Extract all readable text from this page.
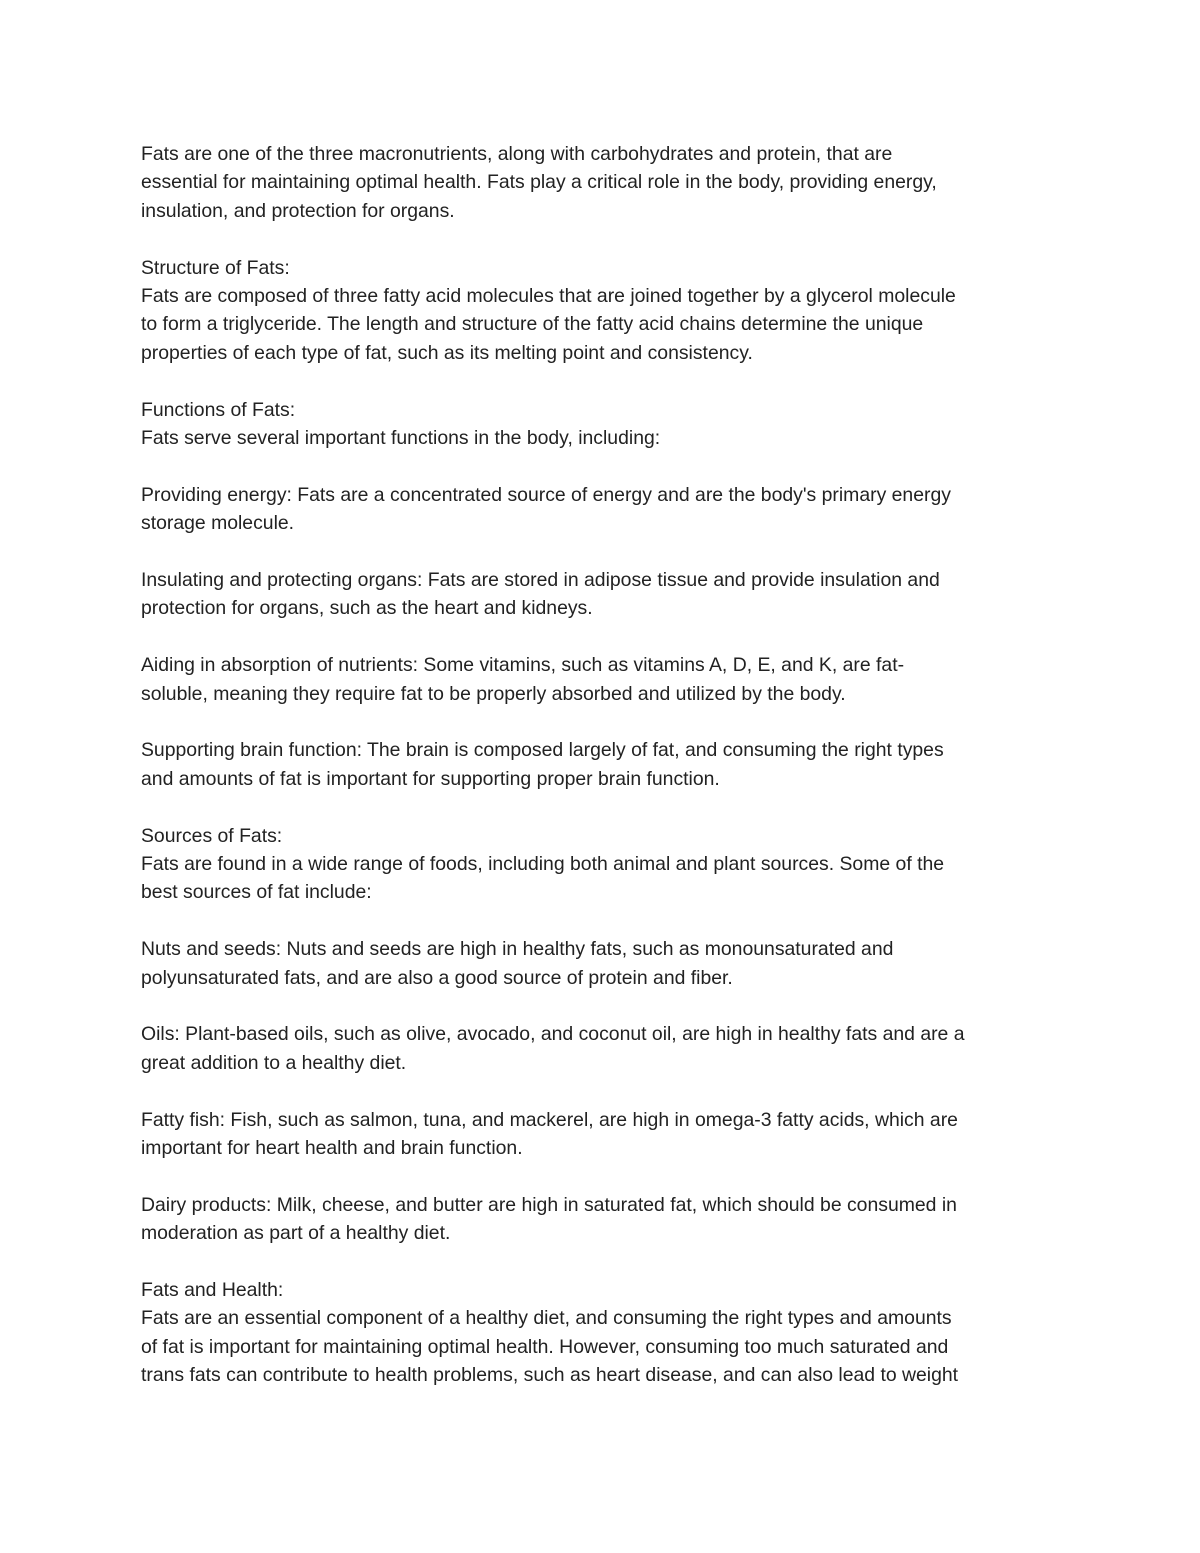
Fats are one of the three macronutrients, along with carbohydrates and protein, that are
essential for maintaining optimal health. Fats play a critical role in the body, providing energy,
insulation, and protection for organs.

Structure of Fats:

Fats are composed of three fatty acid molecules that are joined together by a glycerol molecule
to form a triglyceride. The length and structure of the fatty acid chains determine the unique
properties of each type of fat, such as its melting point and consistency.

Functions of Fats:

Fats serve several important functions in the body, including:

Providing energy: Fats are a concentrated source of energy and are the body's primary energy
storage molecule.

Insulating and protecting organs: Fats are stored in adipose tissue and provide insulation and
protection for organs, such as the heart and kidneys.

Aiding in absorption of nutrients: Some vitamins, such as vitamins A, D, E, and K, are fat-
soluble, meaning they require fat to be properly absorbed and utilized by the body.

Supporting brain function: The brain is composed largely of fat, and consuming the right types
and amounts of fat is important for supporting proper brain function.

Sources of Fats:

Fats are found in a wide range of foods, including both animal and plant sources. Some of the
best sources of fat include:

Nuts and seeds: Nuts and seeds are high in healthy fats, such as monounsaturated and
polyunsaturated fats, and are also a good source of protein and fiber.

Oils: Plant-based oils, such as olive, avocado, and coconut oil, are high in healthy fats and are a
great addition to a healthy diet.

Fatty fish: Fish, such as salmon, tuna, and mackerel, are high in omega-3 fatty acids, which are
important for heart health and brain function.

Dairy products: Milk, cheese, and butter are high in saturated fat, which should be consumed in
moderation as part of a healthy diet.

Fats and Health:

Fats are an essential component of a healthy diet, and consuming the right types and amounts
of fat is important for maintaining optimal health. However, consuming too much saturated and
trans fats can contribute to health problems, such as heart disease, and can also lead to weight
